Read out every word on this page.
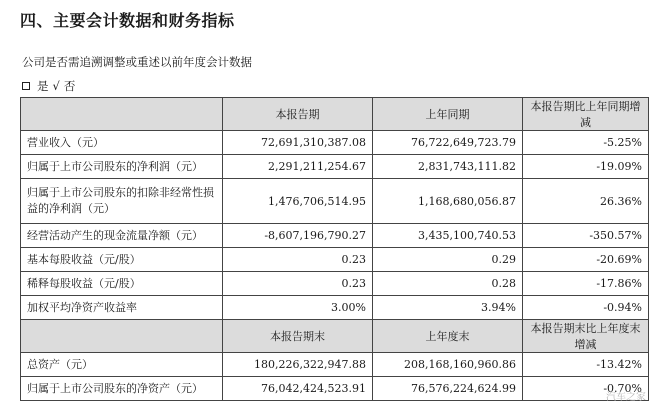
四、主要会计数据和财务指标
公司是否需追溯调整或重述以前年度会计数据
是 √ 否
	本报告期	上年同期	本报告期比上年同期增减
营业收入（元）	72,691,310,387.08	76,722,649,723.79	-5.25%
归属于上市公司股东的净利润（元）	2,291,211,254.67	2,831,743,111.82	-19.09%
归属于上市公司股东的扣除非经常性损益的净利润（元）	1,476,706,514.95	1,168,680,056.87	26.36%
经营活动产生的现金流量净额（元）	-8,607,196,790.27	3,435,100,740.53	-350.57%
基本每股收益（元/股）	0.23	0.29	-20.69%
稀释每股收益（元/股）	0.23	0.28	-17.86%
加权平均净资产收益率	3.00%	3.94%	-0.94%
	本报告期末	上年度末	本报告期末比上年度末增减
总资产（元）	180,226,322,947.88	208,168,160,960.86	-13.42%
归属于上市公司股东的净资产（元）	76,042,424,523.91	76,576,224,624.99	-0.70%
汽车之家
